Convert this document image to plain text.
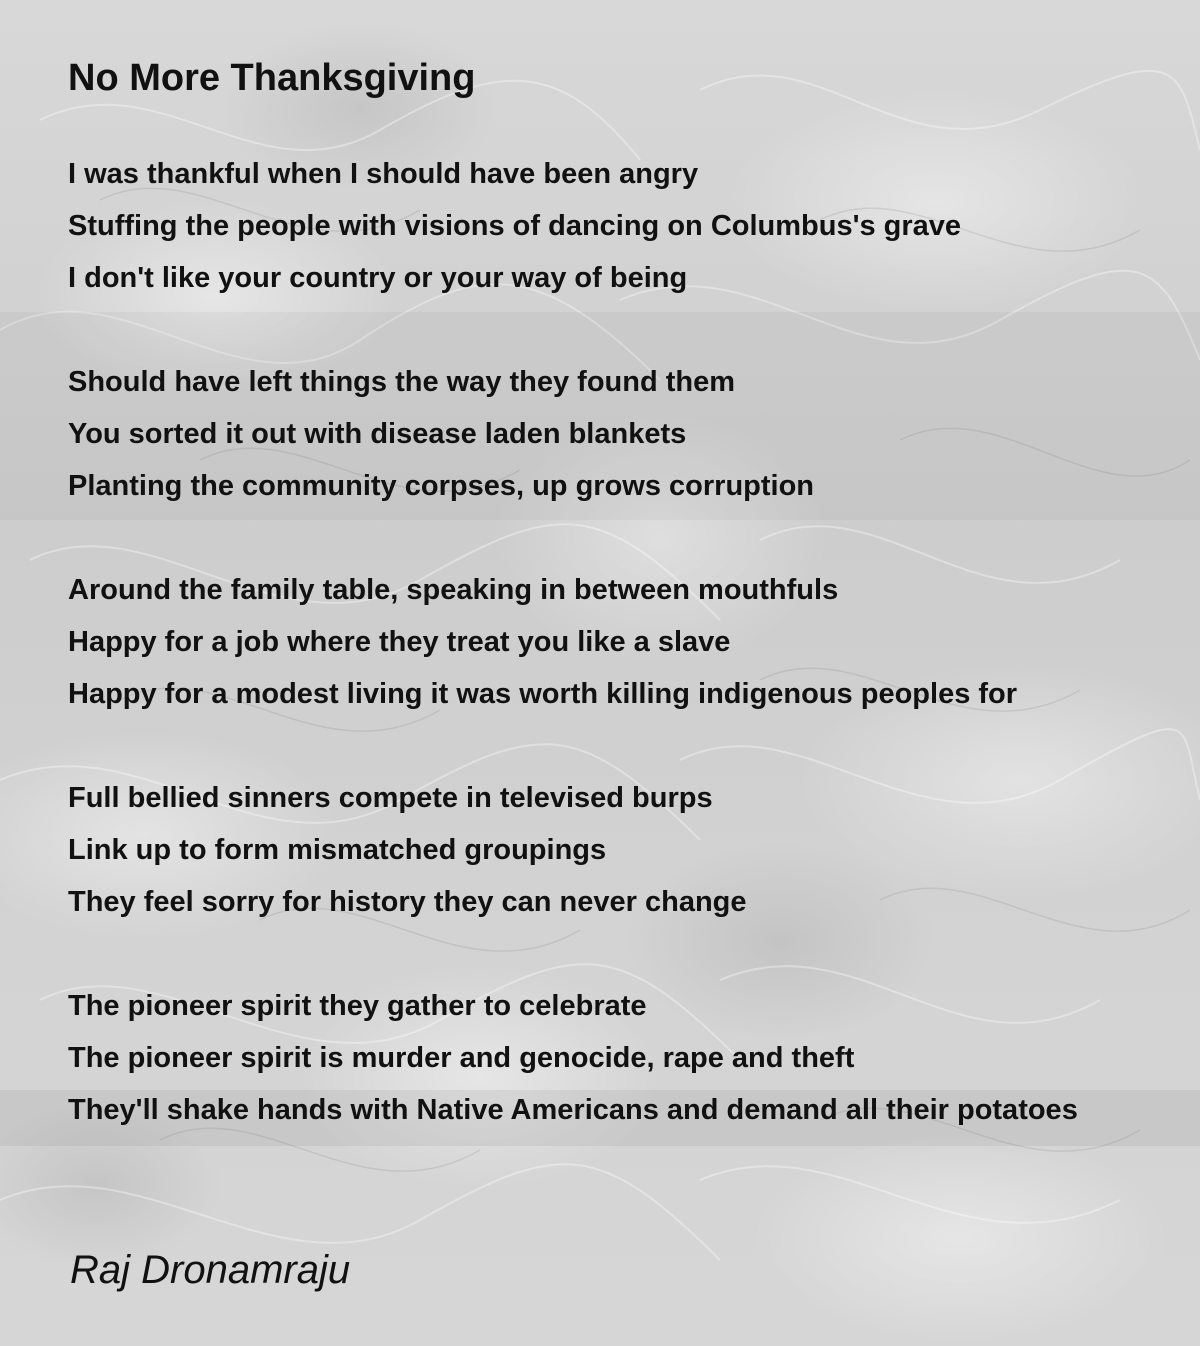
No More Thanksgiving
I was thankful when I should have been angry
Stuffing the people with visions of dancing on Columbus's grave
I don't like your country or your way of being
Should have left things the way they found them
You sorted it out with disease laden blankets
Planting the community corpses, up grows corruption
Around the family table, speaking in between mouthfuls
Happy for a job where they treat you like a slave
Happy for a modest living it was worth killing indigenous peoples for
Full bellied sinners compete in televised burps
Link up to form mismatched groupings
They feel sorry for history they can never change
The pioneer spirit they gather to celebrate
The pioneer spirit is murder and genocide, rape and theft
They'll shake hands with Native Americans and demand all their potatoes
Raj Dronamraju
